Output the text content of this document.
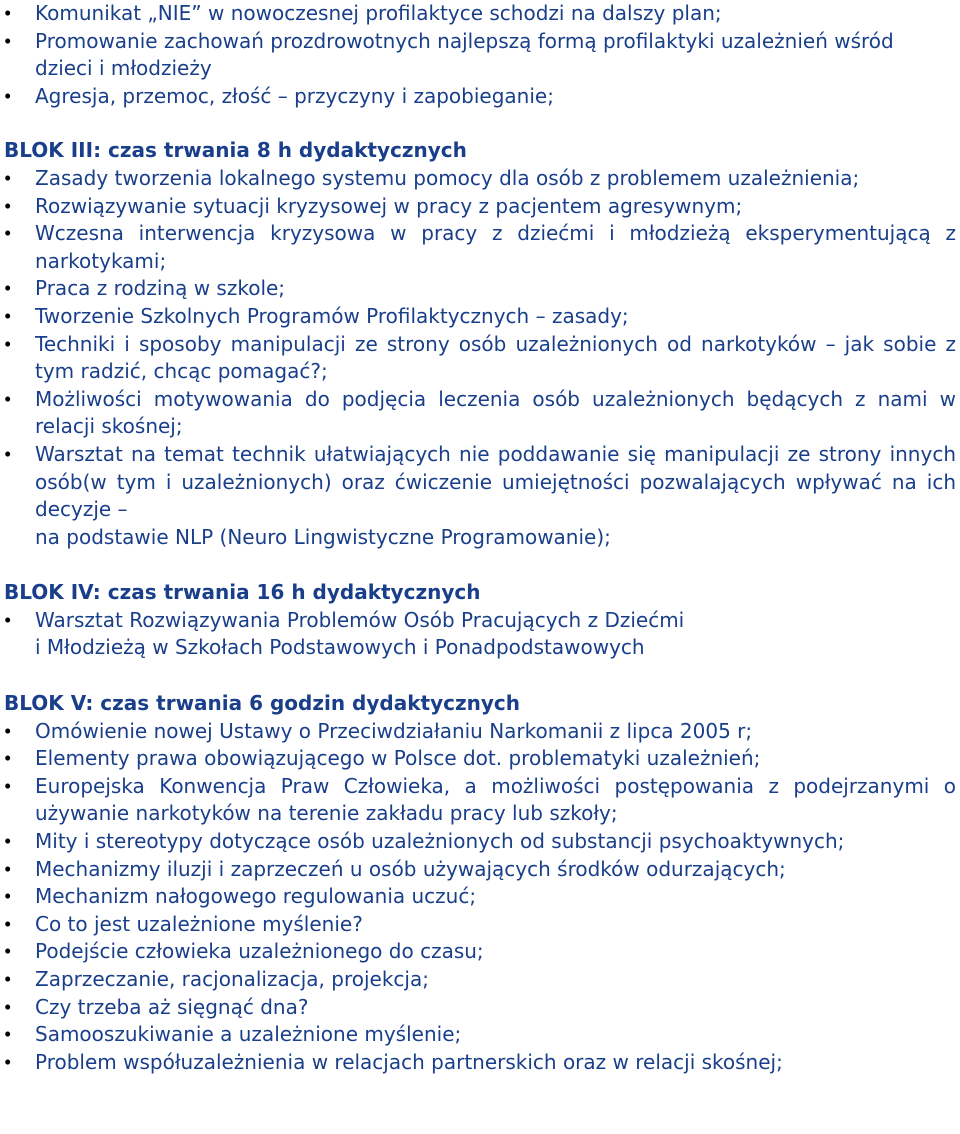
• Komunikat „NIE” w nowoczesnej profilaktyce schodzi na dalszy plan;
• Promowanie zachowań prozdrowotnych najlepszą formą profilaktyki uzależnień wśród dzieci i młodzieży
• Agresja, przemoc, złość – przyczyny i zapobieganie;

BLOK III: czas trwania 8 h dydaktycznych

• Zasady tworzenia lokalnego systemu pomocy dla osób z problemem uzależnienia;
• Rozwiązywanie sytuacji kryzysowej w pracy z pacjentem agresywnym;
• Wczesna interwencja kryzysowa w pracy z dziećmi i młodzieżą eksperymentującą z narkotykami;
• Praca z rodziną w szkole;
• Tworzenie Szkolnych Programów Profilaktycznych – zasady;
• Techniki i sposoby manipulacji ze strony osób uzależnionych od narkotyków – jak sobie z tym radzić, chcąc pomagać?;
• Możliwości motywowania do podjęcia leczenia osób uzależnionych będących z nami w relacji skośnej;
• Warsztat na temat technik ułatwiających nie poddawanie się manipulacji ze strony innych osób(w tym i uzależnionych) oraz ćwiczenie umiejętności pozwalających wpływać na ich decyzje –
na podstawie NLP (Neuro Lingwistyczne Programowanie);

BLOK IV: czas trwania 16 h dydaktycznych

• Warsztat Rozwiązywania Problemów Osób Pracujących z Dziećmi
i Młodzieżą w Szkołach Podstawowych i Ponadpodstawowych

BLOK V: czas trwania 6 godzin dydaktycznych

• Omówienie nowej Ustawy o Przeciwdziałaniu Narkomanii z lipca 2005 r;
• Elementy prawa obowiązującego w Polsce dot. problematyki uzależnień;
• Europejska Konwencja Praw Człowieka, a możliwości postępowania z podejrzanymi o używanie narkotyków na terenie zakładu pracy lub szkoły;
• Mity i stereotypy dotyczące osób uzależnionych od substancji psychoaktywnych;
• Mechanizmy iluzji i zaprzeczeń u osób używających środków odurzających;
• Mechanizm nałogowego regulowania uczuć;
• Co to jest uzależnione myślenie?
• Podejście człowieka uzależnionego do czasu;
• Zaprzeczanie, racjonalizacja, projekcja;
• Czy trzeba aż sięgnąć dna?
• Samooszukiwanie a uzależnione myślenie;
• Problem współuzależnienia w relacjach partnerskich oraz w relacji skośnej;
